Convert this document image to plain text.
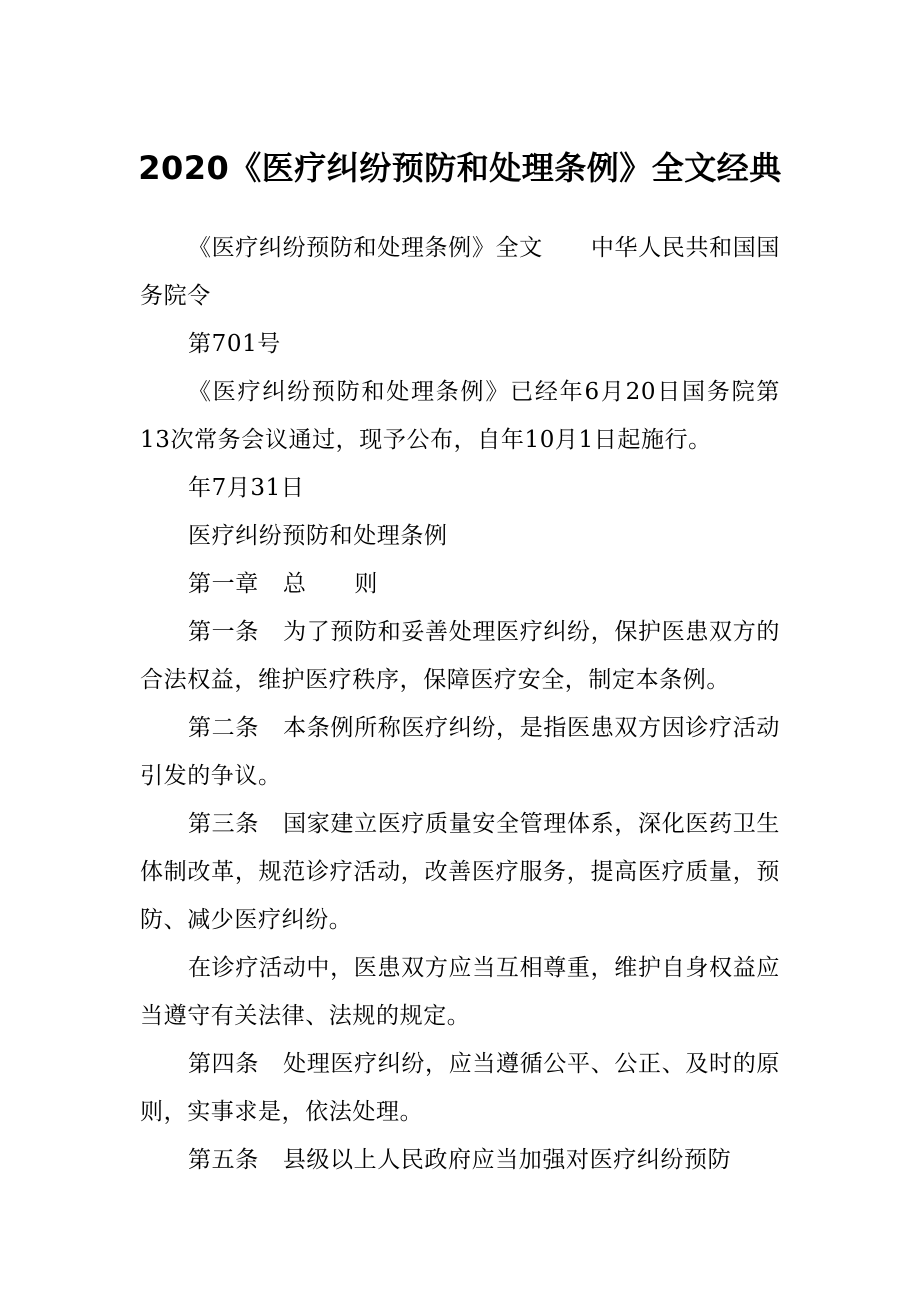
2020《医疗纠纷预防和处理条例》全文经典

《医疗纠纷预防和处理条例》全文 中华人民共和国国务院令

第701号

《医疗纠纷预防和处理条例》已经年6月20日国务院第13次常务会议通过，现予公布，自年10月1日起施行。

年7月31日

医疗纠纷预防和处理条例

第一章 总 则

第一条 为了预防和妥善处理医疗纠纷，保护医患双方的合法权益，维护医疗秩序，保障医疗安全，制定本条例。

第二条 本条例所称医疗纠纷，是指医患双方因诊疗活动引发的争议。

第三条 国家建立医疗质量安全管理体系，深化医药卫生体制改革，规范诊疗活动，改善医疗服务，提高医疗质量，预防、减少医疗纠纷。

在诊疗活动中，医患双方应当互相尊重，维护自身权益应当遵守有关法律、法规的规定。

第四条 处理医疗纠纷，应当遵循公平、公正、及时的原则，实事求是，依法处理。

第五条 县级以上人民政府应当加强对医疗纠纷预防
